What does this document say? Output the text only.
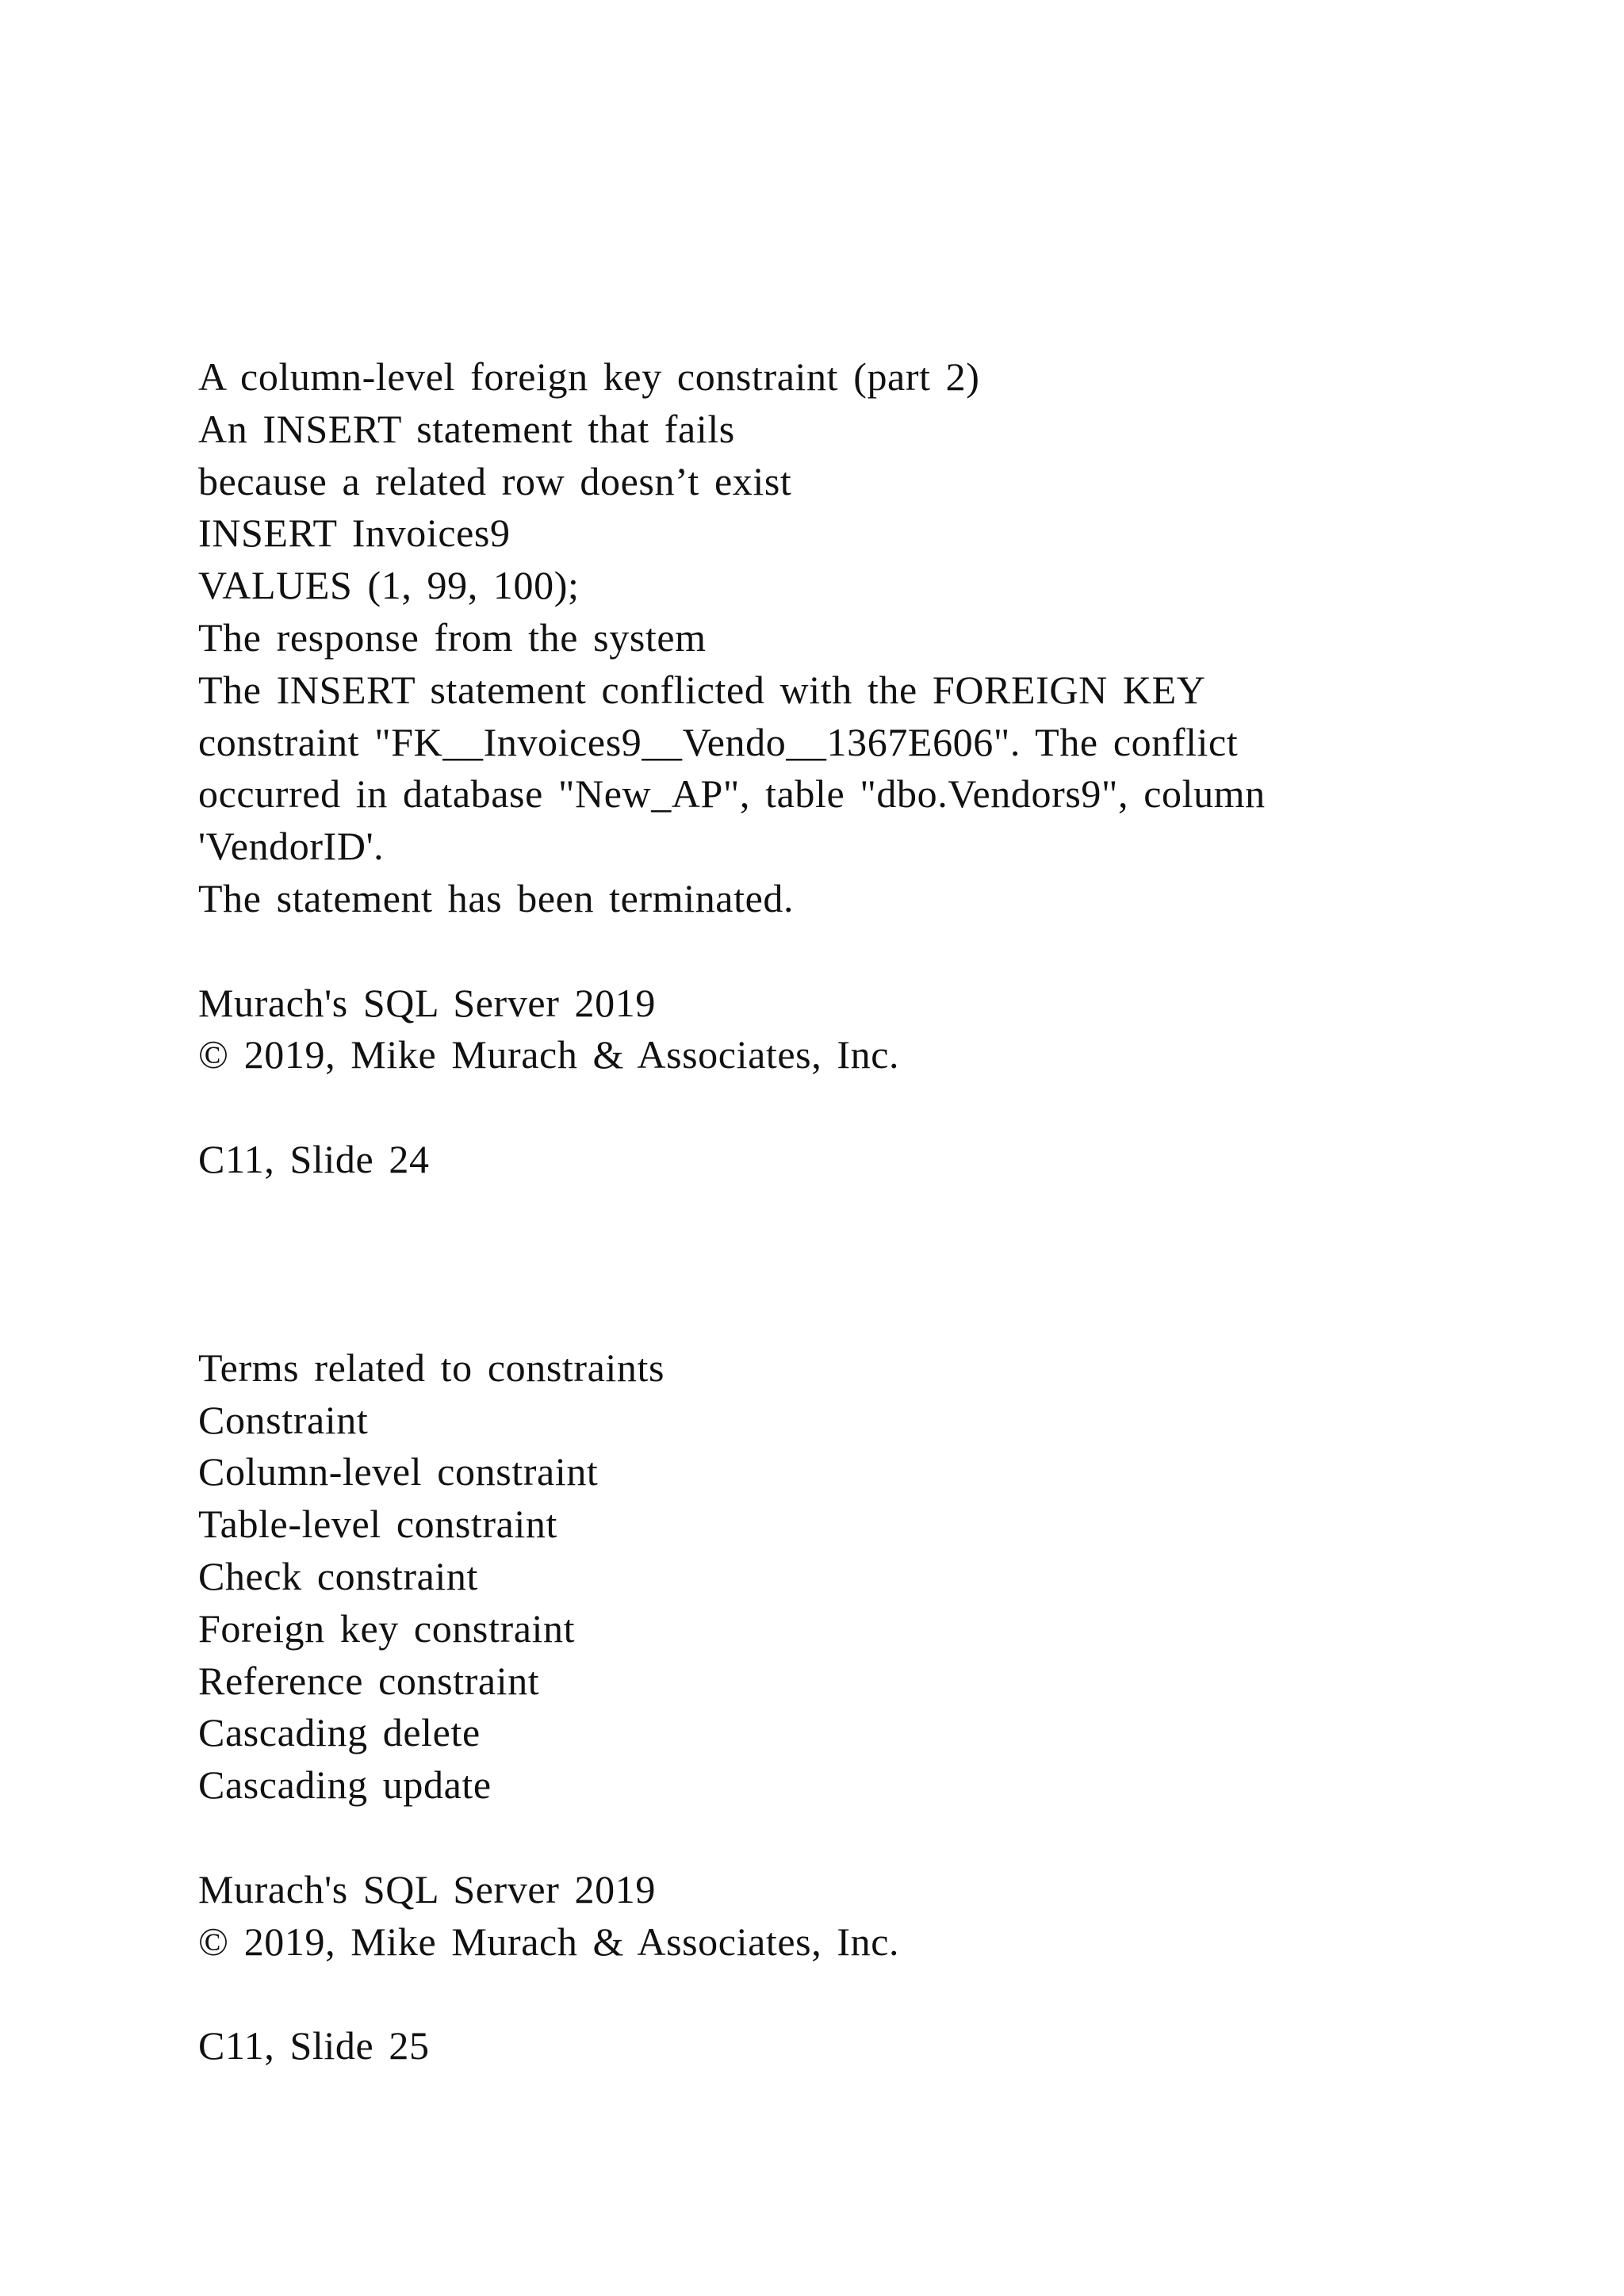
A column-level foreign key constraint (part 2)
An INSERT statement that fails
because a related row doesn’t exist
INSERT Invoices9
VALUES (1, 99, 100);
The response from the system
The INSERT statement conflicted with the FOREIGN KEY
constraint "FK__Invoices9__Vendo__1367E606". The conflict
occurred in database "New_AP", table "dbo.Vendors9", column
'VendorID'.
The statement has been terminated.
Murach's SQL Server 2019
© 2019, Mike Murach & Associates, Inc.
C11, Slide 24
Terms related to constraints
Constraint
Column-level constraint
Table-level constraint
Check constraint
Foreign key constraint
Reference constraint
Cascading delete
Cascading update
Murach's SQL Server 2019
© 2019, Mike Murach & Associates, Inc.
C11, Slide 25
